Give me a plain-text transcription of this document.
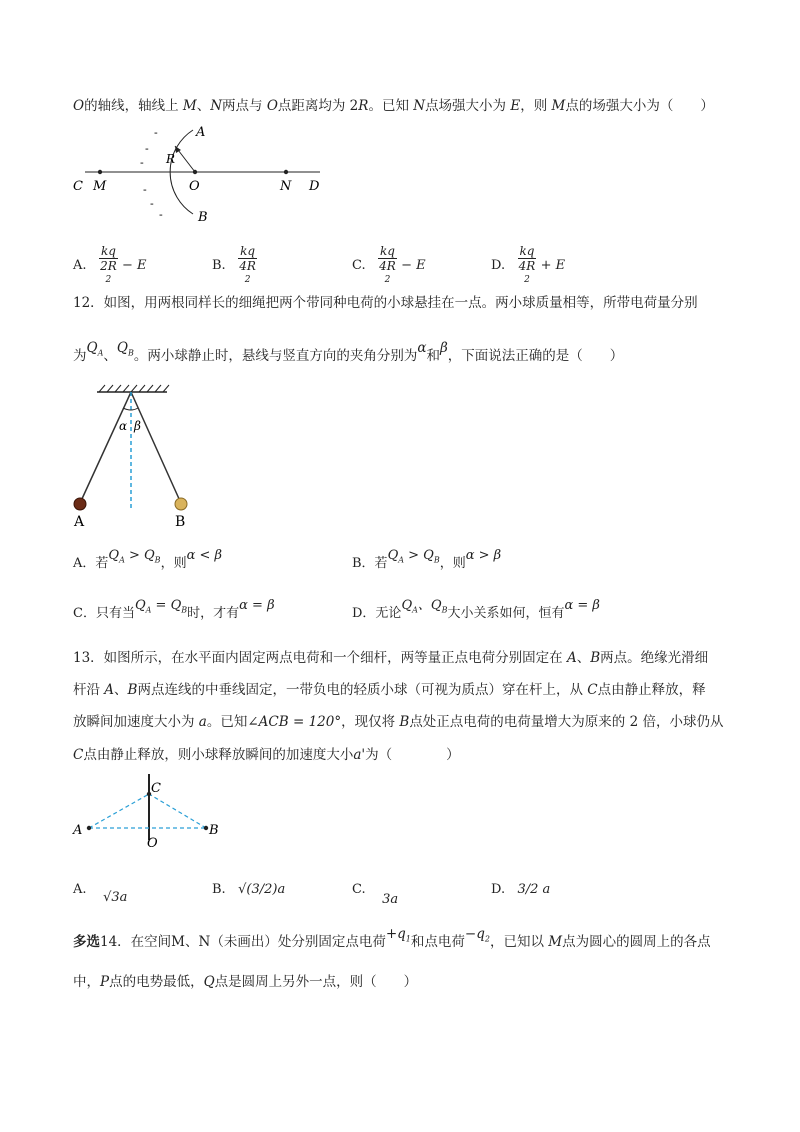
O的轴线，轴线上 M、N两点与 O点距离均为 2R。已知 N点场强大小为 E，则 M点的场强大小为（　　）
A
B
C M	O	N D
R
-
-
-
-
-
-
A. kq
2R
2 − E	B. kq
4R
2	C. kq
4R
2 − E	D. kq
4R
2 + E
12．如图，用两根同样长的细绳把两个带同种电荷的小球悬挂在一点。两小球质量相等，所带电荷量分别
为$Q_A$、$Q_B$。两小球静止时，悬线与竖直方向的夹角分别为α和β，下面说法正确的是（　　）
α β
A	B
A．若$Q_A > Q_B$，则α < β
B．若$Q_A > Q_B$，则α > β
C．只有当$Q_A = Q_B$时，才有α = β
D．无论$Q_A$、$Q_B$大小关系如何，恒有α = β
13．如图所示，在水平面内固定两点电荷和一个细杆，两等量正点电荷分别固定在 A、B两点。绝缘光滑细
杆沿 A、B两点连线的中垂线固定，一带负电的轻质小球（可视为质点）穿在杆上，从 C点由静止释放，释
放瞬间加速度大小为 a。已知∠ACB = 120°，现仅将 B点处正点电荷的电荷量增大为原来的 2 倍，小球仍从
C点由静止释放，则小球释放瞬间的加速度大小a'为（　　　　）
C
A	B
O
A.    √3a
B. √(3/2)a	C.    3a
D. 3/2 a
多选14．在空间M、N（未画出）处分别固定点电荷$+q_1$和点电荷$-q_2$，已知以 M点为圆心的圆周上的各点
中，P点的电势最低，Q点是圆周上另外一点，则（　　）
